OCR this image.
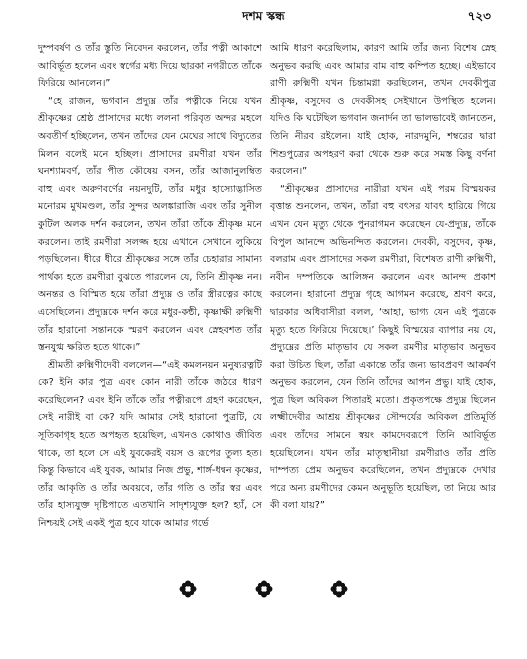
দশম স্কন্ধ	৭২৩

দুম্পবর্ষণ ও তাঁর স্তুতি নিবেদন করলেন, তাঁর পত্নী আকাশে আবির্ভূত হলেন এবং স্বর্গের মধ্য দিয়ে ছারকা নগরীতে তাঁকে ফিরিয়ে আনলেন।”

“হে রাজন, ভগবান প্রদ্যুম্ন তাঁর পত্নীকে নিয়ে যখন শ্রীকৃষ্ণের শ্রেষ্ঠ প্রাসাদের মধ্যে ললনা পরিবৃত অন্দর মহলে অবতীর্ণ হচ্ছিলেন, তখন তাঁদের যেন মেঘের সাথে বিদ্যুতের মিলন বলেই মনে হচ্ছিল। প্রাসাদের রমণীরা যখন তাঁর ঘনশ্যামবর্ণ, তাঁর পীত কৌষেয় বসন, তাঁর আজানুলম্বিত বাহু এবং অরুণবর্ণের নয়নদুটি, তাঁর মধুর হাস্যোদ্ভাসিত মনোরম মুখমণ্ডল, তাঁর সুন্দর অলঙ্কারাজি এবং তাঁর সুনীল কুটিল অলক দর্শন করলেন, তখন তাঁরা তাঁকে শ্রীকৃষ্ণ মনে করলেন। তাই রমণীরা সলজ্জ হয়ে এখানে সেখানে লুকিয়ে পড়ছিলেন। ধীরে ধীরে শ্রীকৃষ্ণের সঙ্গে তাঁর চেহারার সামান্য পার্থক্য হতে রমণীরা বুঝতে পারলেন যে, তিনি শ্রীকৃষ্ণ নন। অনন্তর ও বিস্মিত হয়ে তাঁরা প্রদ্যুম্ন ও তাঁর স্ত্রীরত্নের কাছে এসেছিলেন। প্রদ্যুম্নকে দর্শন করে মধুর-কন্ঠী, কৃষ্ণাক্ষী রুক্মিণী তাঁর হারানো সন্তানকে স্মরণ করলেন এবং স্নেহবশত তাঁর স্তনযুগ্ম ক্ষরিত হতে থাকে।”

শ্রীমতী রুক্মিণীদেবী বললেন—“এই কমলনয়ন মনুষ্যরত্নটি কে? ইনি কার পুত্র এবং কোন নারী তাঁকে জঠরে ধারণ করেছিলেন? এবং ইনি তাঁকে তাঁর পত্নীরূপে গ্রহণ করেছেন, সেই নারীই বা কে? যদি আমার সেই হারানো পুত্রটি, যে সূতিকাগৃহ হতে অপহৃত হয়েছিল, এখনও কোথাও জীবিত থাকে, তা হলে সে এই যুবকেরই বয়স ও রূপের তুল্য হত। কিন্তু কিভাবে এই যুবক, আমার নিজ প্রভু, শার্ঙ্গ-ধন্বন কৃষ্ণের, তাঁর আকৃতি ও তাঁর অবয়বে, তাঁর গতি ও তাঁর স্বর এবং তাঁর হাস্যযুক্ত দৃষ্টিপাতে এতখানি সাদৃশ্যযুক্ত হল? হ্যাঁ, সে নিশ্চয়ই সেই একই পুত্র হবে যাকে আমার গর্ভে

আমি ধারণ করেছিলাম, কারণ আমি তাঁর জন্য বিশেষ স্নেহ অনুভব করছি এবং আমার বাম বাহু কম্পিত হচ্ছে। এইভাবে রাণী রুক্মিণী যখন চিন্তামগ্না করছিলেন, তখন দেবকীপুত্র শ্রীকৃষ্ণ, বসুদেব ও দেবকীসহ সেইখানে উপস্থিত হলেন। যদিও কি ঘটেছিল ভগবান জনার্দন তা ভালভাবেই জানতেন, তিনি নীরব রইলেন। যাই হোক, নারদমুনি, শম্বরের দ্বারা শিশুপুত্রের অপহরণ করা থেকে শুরু করে সমস্ত কিছু বর্ণনা করলেন।”

“শ্রীকৃষ্ণের প্রাসাদের নারীরা যখন এই পরম বিস্ময়কর বৃত্তান্ত শুনলেন, তখন, তাঁরা বহু বৎসর যাবৎ হারিয়ে গিয়ে এখন যেন মৃত্যু থেকে পুনরাগমন করেছেন যে-প্রদ্যুম্ন, তাঁকে বিপুল আনন্দে অভিনন্দিত করলেন। দেবকী, বসুদেব, কৃষ্ণ, বলরাম এবং প্রাসাদের সকল রমণীরা, বিশেষত রাণী রুক্মিণী, নবীন দম্পতিকে আলিঙ্গন করলেন এবং আনন্দ প্রকাশ করলেন। হারানো প্রদ্যুম্ন গৃহে আগমন করেছে, শ্রবণ করে, দ্বারকার অধিবাসীরা বলল, ‘আহা, ভাগ্য যেন এই পুত্রকে মৃত্যু হতে ফিরিয়ে দিয়েছে।’ কিছুই বিস্ময়ের ব্যাপার নয় যে, প্রদ্যুম্নের প্রতি মাতৃভাব যে সকল রমণীর মাতৃভাব অনুভব করা উচিত ছিল, তাঁরা একান্তে তাঁর জন্য ভাবপ্রবণ আকর্ষণ অনুভব করলেন, যেন তিনি তাঁদের আপন প্রভু। যাই হোক, পুত্র ছিল অবিকল পিতারই মতো। প্রকৃতপক্ষে প্রদ্যুম্ন ছিলেন লক্ষ্মীদেবীর আশ্রয় শ্রীকৃষ্ণের সৌন্দর্যের অবিকল প্রতিমূর্তি এবং তাঁদের সামনে স্বয়ং কামদেবরূপে তিনি আবির্ভূত হয়েছিলেন। যখন তাঁর মাতৃস্থানীয়া রমণীরাও তাঁর প্রতি দাম্পত্য প্রেম অনুভব করেছিলেন, তখন প্রদ্যুম্নকে দেখার পরে অন্য রমণীদের কেমন অনুভূতি হয়েছিল, তা নিয়ে আর কী বলা যায়?”
